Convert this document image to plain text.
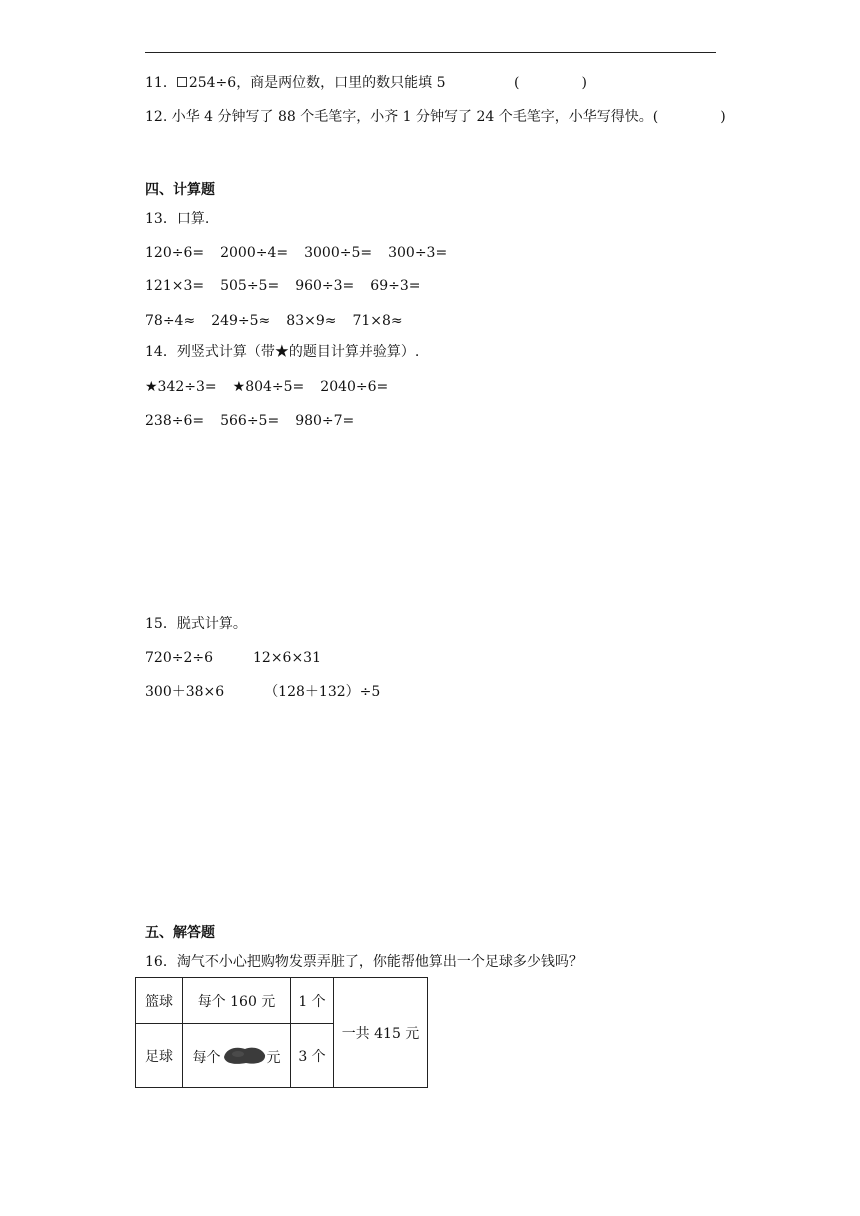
11． 254÷6，商是两位数，口里的数只能填 5	(	)
12. 小华 4 分钟写了 88 个毛笔字，小齐 1 分钟写了 24 个毛笔字，小华写得快。(	)
四、计算题
13．口算.
120÷6= 2000÷4= 3000÷5= 300÷3=
121×3= 505÷5= 960÷3= 69÷3=
78÷4≈ 249÷5≈ 83×9≈ 71×8≈
14．列竖式计算（带★的题目计算并验算）.
★342÷3= ★804÷5= 2040÷6=
238÷6= 566÷5= 980÷7=
15．脱式计算。
720÷2÷6	12×6×31
300＋38×6	（128＋132）÷5
五、解答题
16．淘气不小心把购物发票弄脏了，你能帮他算出一个足球多少钱吗？
篮球	每个 160 元	1 个	一共 415 元
足球	每个 元	3 个	
